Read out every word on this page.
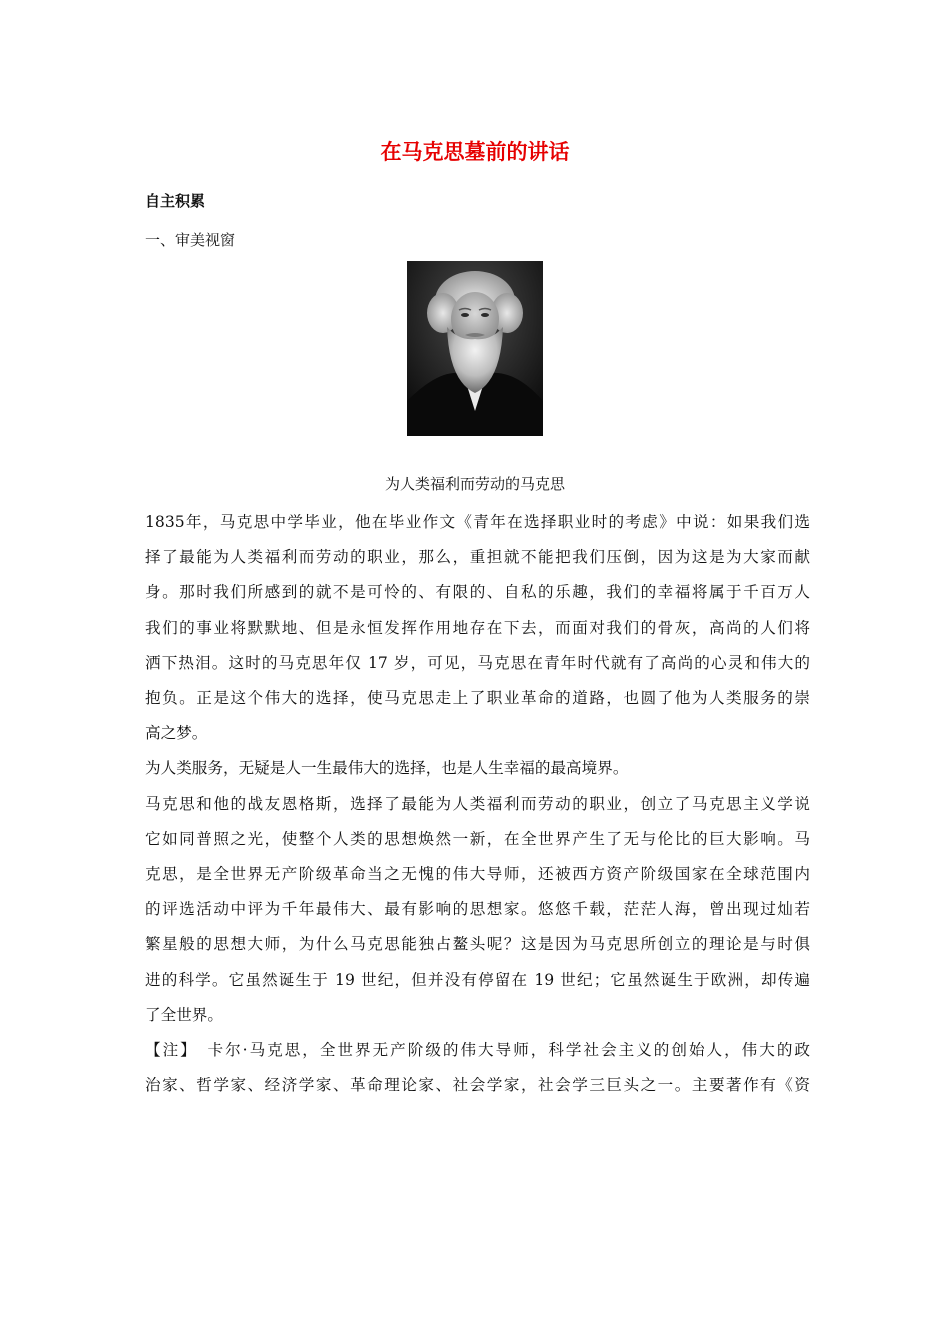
在马克思墓前的讲话
自主积累
一、审美视窗
为人类福利而劳动的马克思

1835年，马克思中学毕业，他在毕业作文《青年在选择职业时的考虑》中说：如果我们选
择了最能为人类福利而劳动的职业，那么，重担就不能把我们压倒，因为这是为大家而献
身。那时我们所感到的就不是可怜的、有限的、自私的乐趣，我们的幸福将属于千百万人
我们的事业将默默地、但是永恒发挥作用地存在下去，而面对我们的骨灰，高尚的人们将
洒下热泪。这时的马克思年仅 17 岁，可见，马克思在青年时代就有了高尚的心灵和伟大的
抱负。正是这个伟大的选择，使马克思走上了职业革命的道路，也圆了他为人类服务的崇
高之梦。

为人类服务，无疑是人一生最伟大的选择，也是人生幸福的最高境界。

马克思和他的战友恩格斯，选择了最能为人类福利而劳动的职业，创立了马克思主义学说
它如同普照之光，使整个人类的思想焕然一新，在全世界产生了无与伦比的巨大影响。马
克思，是全世界无产阶级革命当之无愧的伟大导师，还被西方资产阶级国家在全球范围内
的评选活动中评为千年最伟大、最有影响的思想家。悠悠千载，茫茫人海，曾出现过灿若
繁星般的思想大师，为什么马克思能独占鳌头呢？这是因为马克思所创立的理论是与时俱
进的科学。它虽然诞生于 19 世纪，但并没有停留在 19 世纪；它虽然诞生于欧洲，却传遍
了全世界。

【注】　卡尔·马克思，全世界无产阶级的伟大导师，科学社会主义的创始人，伟大的政
治家、哲学家、经济学家、革命理论家、社会学家，社会学三巨头之一。主要著作有《资
